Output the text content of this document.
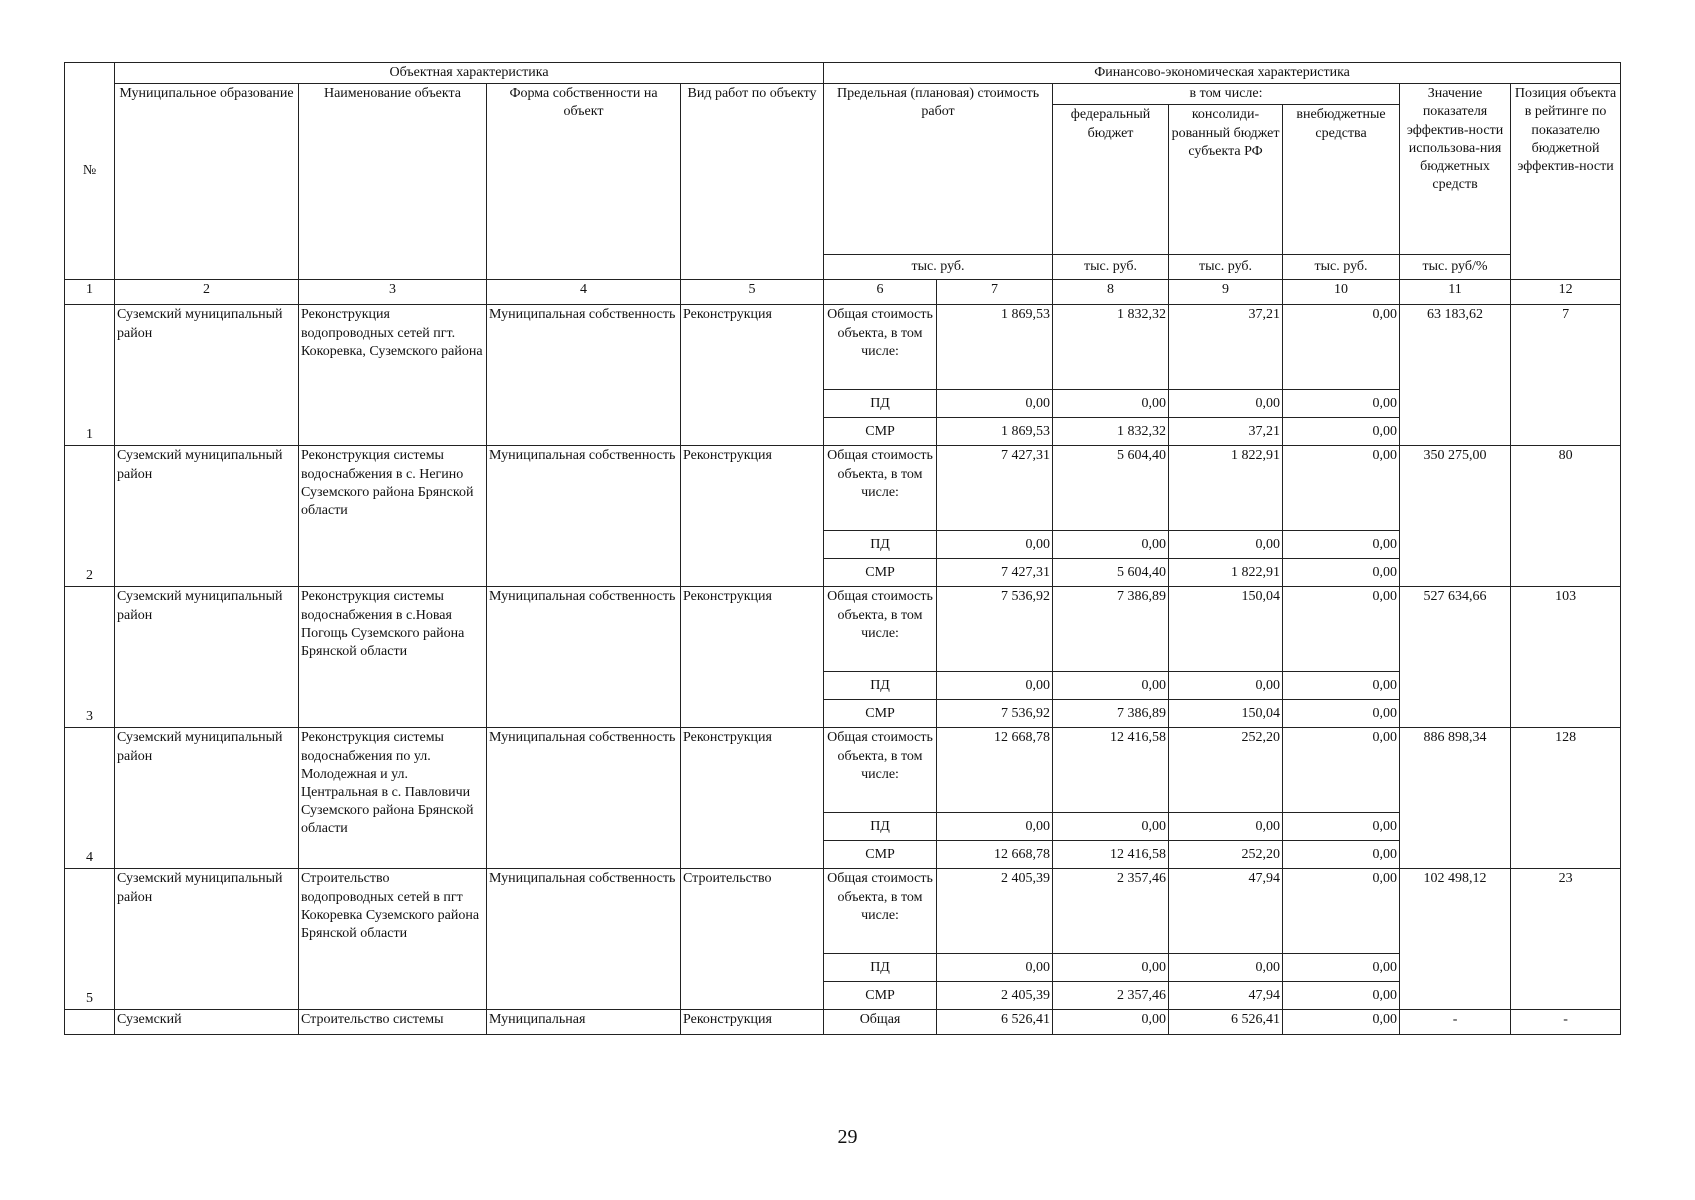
№	Объектная характеристика				Финансово-экономическая характеристика						
	Муниципальное образование	Наименование объекта	Форма собственности на объект	Вид работ по объекту	Предельная (плановая) стоимость работ		в том числе:			Значение показателя эффектив-ности использова-ния бюджетных средств	Позиция объекта в рейтинге по показателю бюджетной эффектив-ности
							федеральный бюджет	консолиди-рованный бюджет субъекта РФ	внебюджетные средства		
					тыс. руб.		тыс. руб.	тыс. руб.	тыс. руб.	тыс. руб/%	
1	2	3	4	5	6	7	8	9	10	11	12
1	Суземский муниципальный район	Реконструкция водопроводных сетей пгт. Кокоревка, Суземского района	Муниципальная собственность	Реконструкция	Общая стоимость объекта, в том числе:	1 869,53	1 832,32	37,21	0,00	63 183,62	7
					ПД	0,00	0,00	0,00	0,00		
					СМР	1 869,53	1 832,32	37,21	0,00		
2	Суземский муниципальный район	Реконструкция системы водоснабжения в с. Негино Суземского района Брянской области	Муниципальная собственность	Реконструкция	Общая стоимость объекта, в том числе:	7 427,31	5 604,40	1 822,91	0,00	350 275,00	80
					ПД	0,00	0,00	0,00	0,00		
					СМР	7 427,31	5 604,40	1 822,91	0,00		
3	Суземский муниципальный район	Реконструкция системы водоснабжения в с.Новая Погощь Суземского района Брянской области	Муниципальная собственность	Реконструкция	Общая стоимость объекта, в том числе:	7 536,92	7 386,89	150,04	0,00	527 634,66	103
					ПД	0,00	0,00	0,00	0,00		
					СМР	7 536,92	7 386,89	150,04	0,00		
4	Суземский муниципальный район	Реконструкция системы водоснабжения по ул. Молодежная и ул. Центральная в с. Павловичи Суземского района Брянской области	Муниципальная собственность	Реконструкция	Общая стоимость объекта, в том числе:	12 668,78	12 416,58	252,20	0,00	886 898,34	128
					ПД	0,00	0,00	0,00	0,00		
					СМР	12 668,78	12 416,58	252,20	0,00		
5	Суземский муниципальный район	Строительство водопроводных сетей в пгт Кокоревка Суземского района Брянской области	Муниципальная собственность	Строительство	Общая стоимость объекта, в том числе:	2 405,39	2 357,46	47,94	0,00	102 498,12	23
					ПД	0,00	0,00	0,00	0,00		
					СМР	2 405,39	2 357,46	47,94	0,00		
	Суземский	Строительство системы	Муниципальная	Реконструкция	Общая	6 526,41	0,00	6 526,41	0,00	-	-
29
